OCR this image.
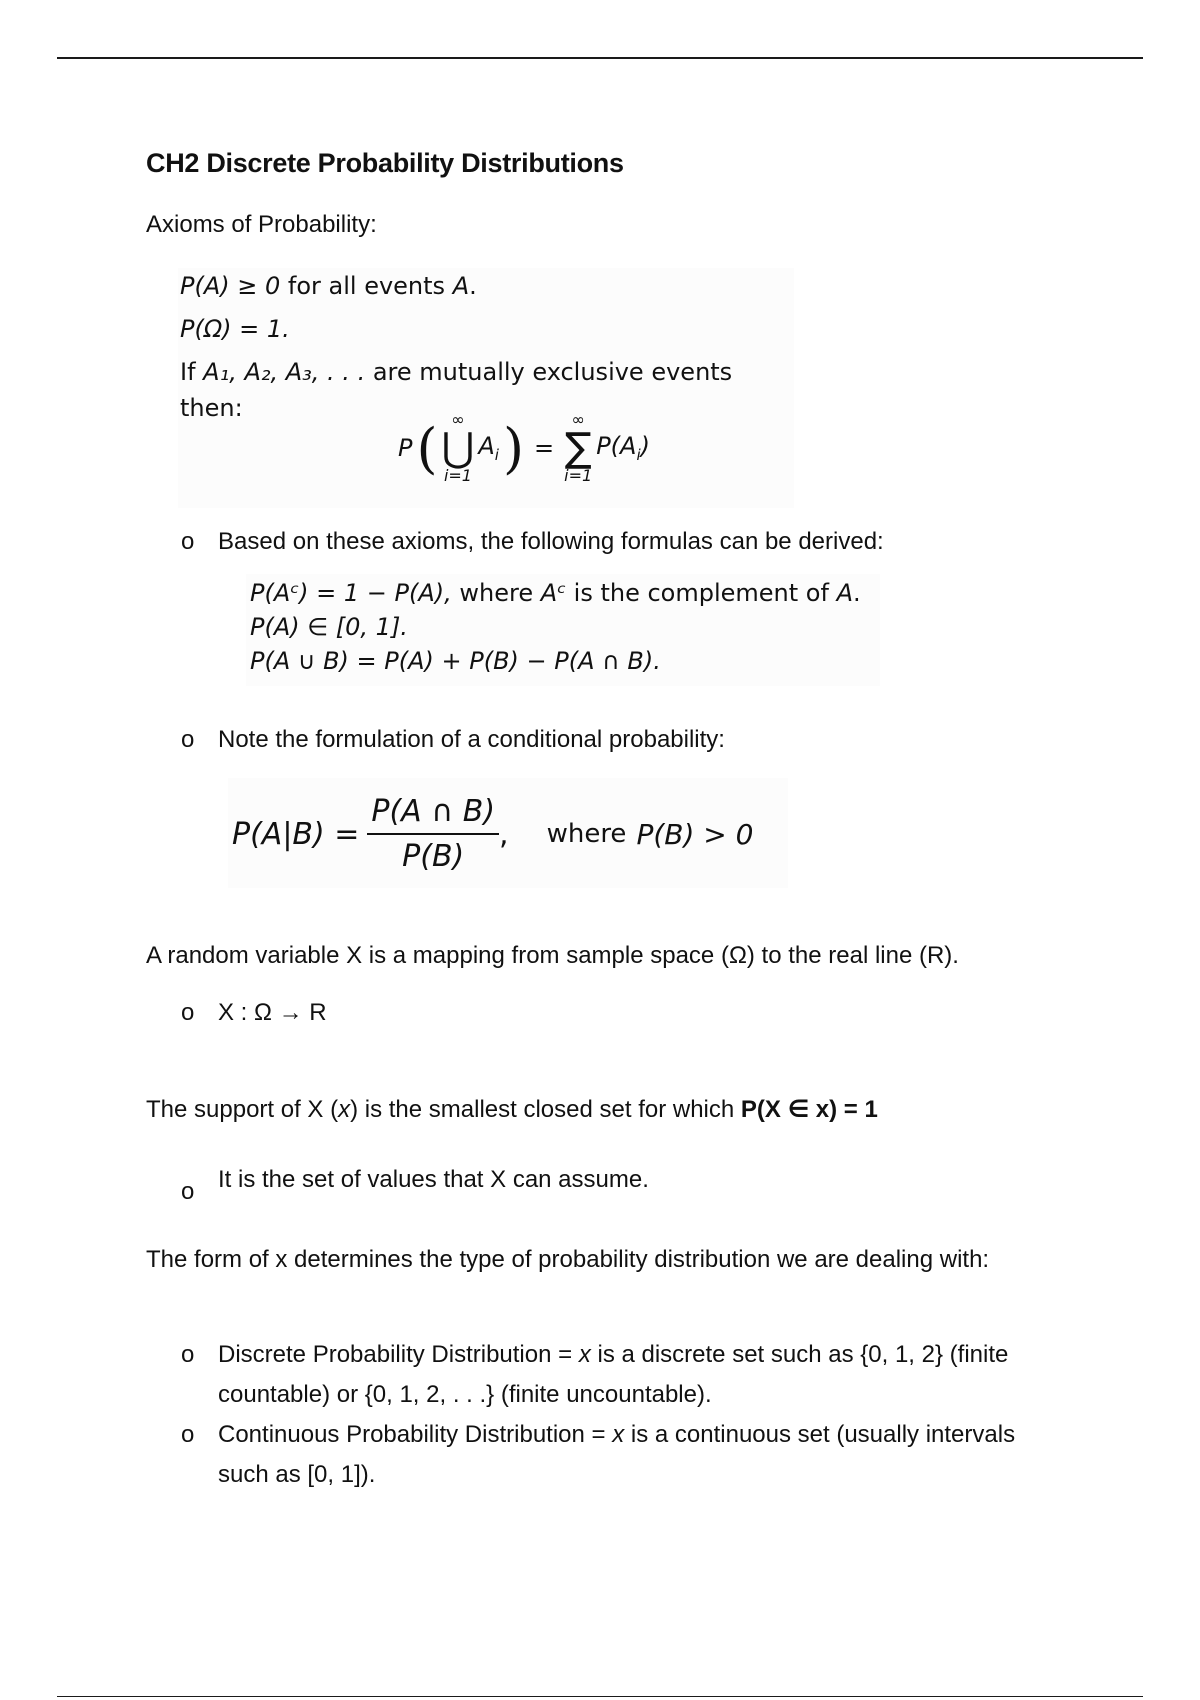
CH2 Discrete Probability Distributions
Axioms of Probability:
P(A) ≥ 0 for all events A.
P(Ω) = 1.
If A₁, A₂, A₃, . . . are mutually exclusive events then:
P ( ∞
⋃
i=1
$A_i$ ) =
∞
∑
i=1
$P(A_i)$
o Based on these axioms, the following formulas can be derived:
P(Aᶜ) = 1 − P(A), where Aᶜ is the complement of A.
P(A) ∈ [0, 1].
P(A ∪ B) = P(A) + P(B) − P(A ∩ B).
o Note the formulation of a conditional probability:
$P(A|B) = \frac{P(A \cap B)}{P(B)}$ , where P(B) > 0
A random variable X is a mapping from sample space (Ω) to the real line (R).
o X : Ω → R
The support of X (x) is the smallest closed set for which P(X ∈ x) = 1
o It is the set of values that X can assume.
The form of x determines the type of probability distribution we are dealing with:
o Discrete Probability Distribution = x is a discrete set such as {0, 1, 2} (finite countable) or {0, 1, 2, . . .} (finite uncountable).
o Continuous Probability Distribution = x is a continuous set (usually intervals such as [0, 1]).
